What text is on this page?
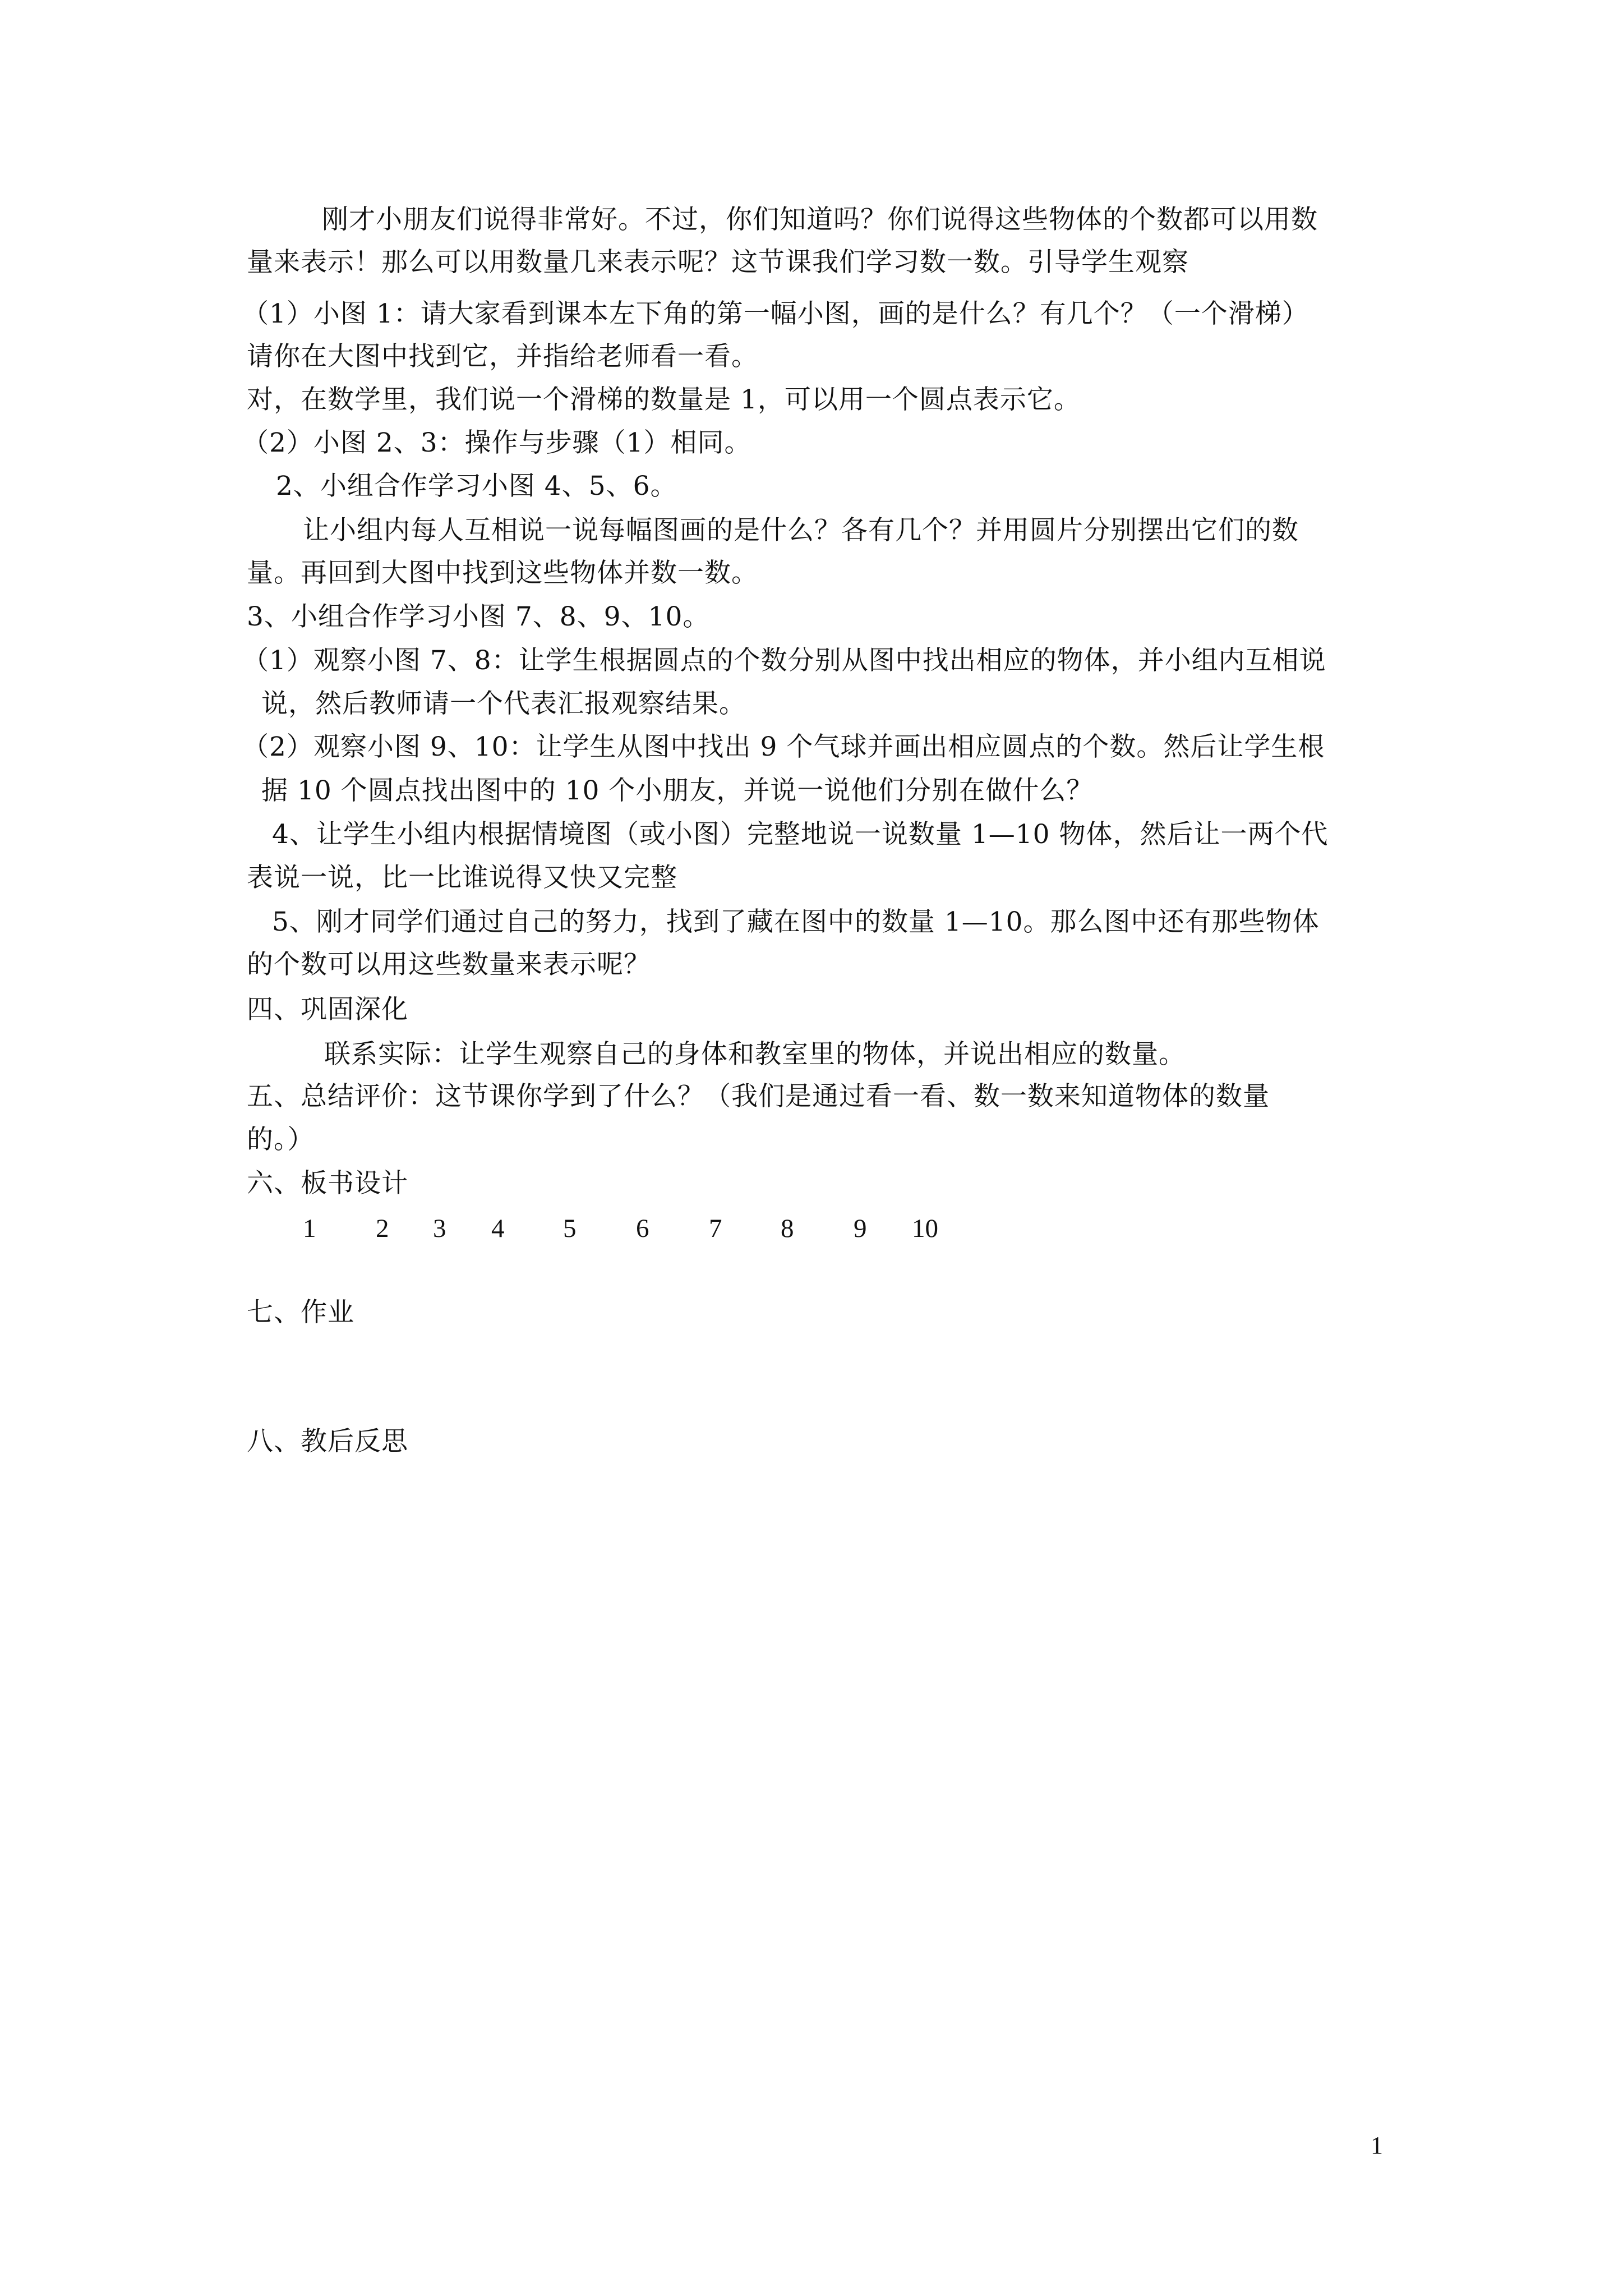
刚才小朋友们说得非常好。不过，你们知道吗？你们说得这些物体的个数都可以用数
量来表示！那么可以用数量几来表示呢？这节课我们学习数一数。引导学生观察
（1）小图 1：请大家看到课本左下角的第一幅小图，画的是什么？有几个？（一个滑梯）
请你在大图中找到它，并指给老师看一看。
对，在数学里，我们说一个滑梯的数量是 1，可以用一个圆点表示它。
（2）小图 2、3：操作与步骤（1）相同。
2、小组合作学习小图 4、5、6。
让小组内每人互相说一说每幅图画的是什么？各有几个？并用圆片分别摆出它们的数
量。再回到大图中找到这些物体并数一数。
3、小组合作学习小图 7、8、9、10。
（1）观察小图 7、8：让学生根据圆点的个数分别从图中找出相应的物体，并小组内互相说
说，然后教师请一个代表汇报观察结果。
（2）观察小图 9、10：让学生从图中找出 9 个气球并画出相应圆点的个数。然后让学生根
据 10 个圆点找出图中的 10 个小朋友，并说一说他们分别在做什么？
4、让学生小组内根据情境图（或小图）完整地说一说数量 1—10 物体，然后让一两个代
表说一说，比一比谁说得又快又完整
5、刚才同学们通过自己的努力，找到了藏在图中的数量 1—10。那么图中还有那些物体
的个数可以用这些数量来表示呢？
四、巩固深化
联系实际：让学生观察自己的身体和教室里的物体，并说出相应的数量。
五、总结评价：这节课你学到了什么？（我们是通过看一看、数一数来知道物体的数量
的。）
六、板书设计
1 2 3 4 5 6 7 8 9 10
七、作业
八、教后反思
1
